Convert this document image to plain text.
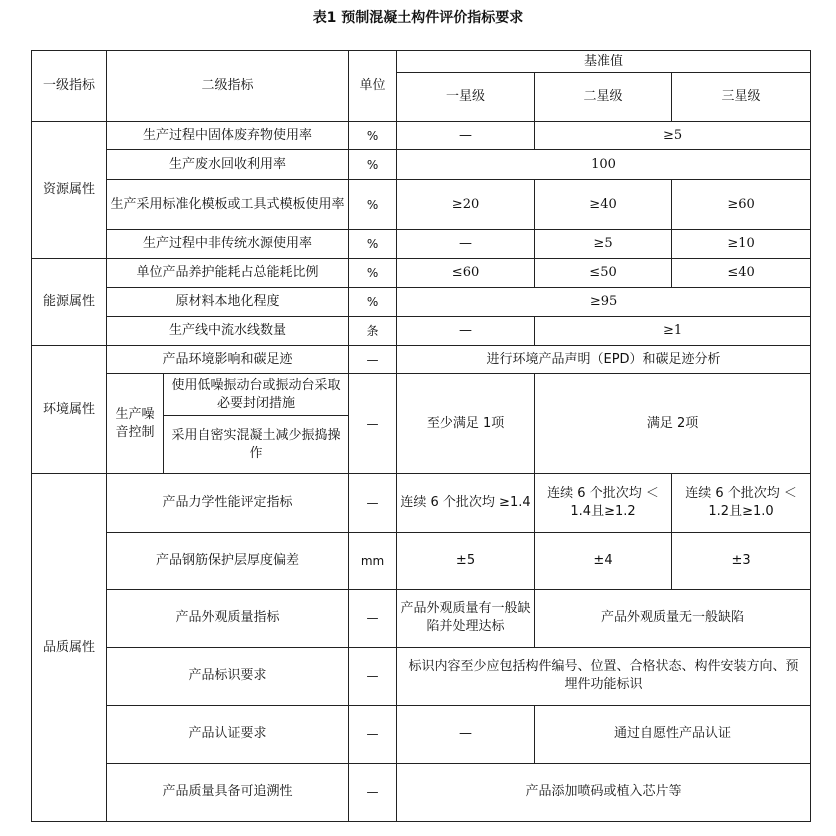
表1 预制混凝土构件评价指标要求
一级指标	二级指标		单位	基准值		
				一星级	二星级	三星级
资源属性	生产过程中固体废弃物使用率		%	—	≥5	
	生产废水回收利用率		%	100		
	生产采用标准化模板或工具式模板使用率		%	≥20	≥40	≥60
	生产过程中非传统水源使用率		%	—	≥5	≥10
能源属性	单位产品养护能耗占总能耗比例		%	≤60	≤50	≤40
	原材料本地化程度		%	≥95		
	生产线中流水线数量		条	—	≥1	
环境属性	产品环境影响和碳足迹		—	进行环境产品声明（EPD）和碳足迹分析		
	生产噪音控制	使用低噪振动台或振动台采取必要封闭措施	—	至少满足 1项	满足 2项	
		采用自密实混凝土减少振捣操作				
品质属性	产品力学性能评定指标		—	连续 6 个批次均 ≥1.4	连续 6 个批次均 ＜1.4且≥1.2	连续 6 个批次均 ＜1.2且≥1.0
	产品钢筋保护层厚度偏差		mm	±5	±4	±3
	产品外观质量指标		—	产品外观质量有一般缺陷并处理达标	产品外观质量无一般缺陷	
	产品标识要求		—	标识内容至少应包括构件编号、位置、合格状态、构件安装方向、预埋件功能标识		
	产品认证要求		—	—	通过自愿性产品认证	
	产品质量具备可追溯性		—	产品添加喷码或植入芯片等		
